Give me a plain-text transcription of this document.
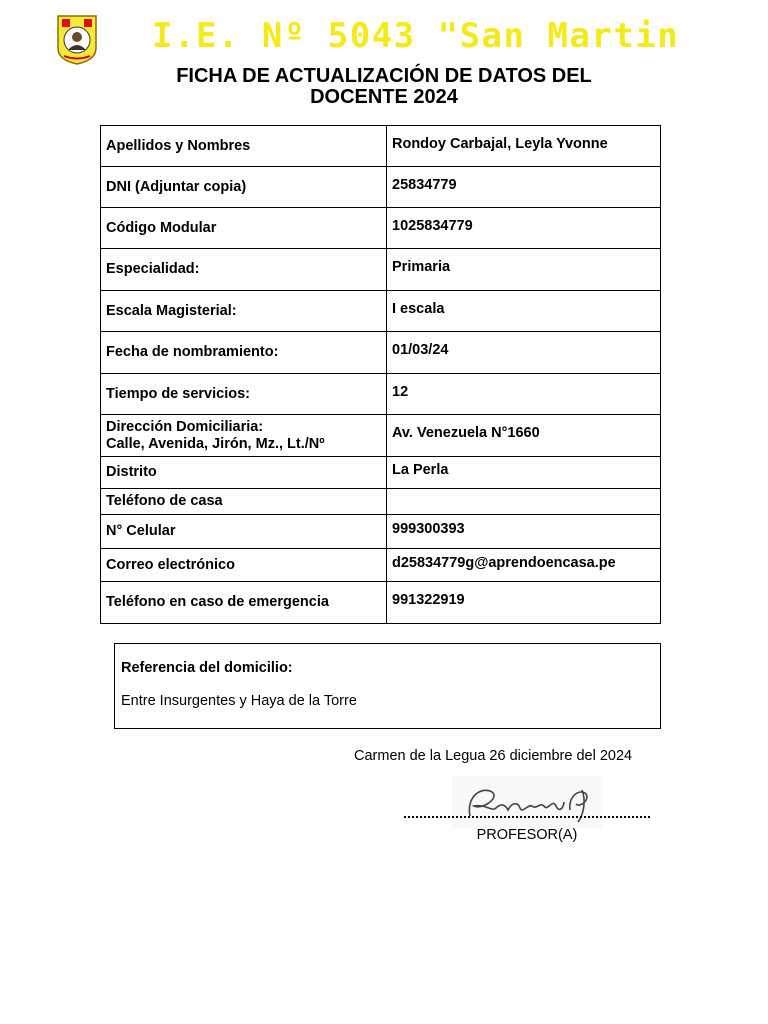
I.E. Nº 5043 "San Martin
FICHA DE ACTUALIZACIÓN DE DATOS DEL
DOCENTE 2024
Apellidos y Nombres	Rondoy Carbajal, Leyla Yvonne
DNI (Adjuntar copia)	25834779
Código Modular	1025834779
Especialidad:	Primaria
Escala Magisterial:	I escala
Fecha de nombramiento:	01/03/24
Tiempo de servicios:	12

Dirección Domiciliaria:
Calle, Avenida, Jirón, Mz., Lt./Nº	Av. Venezuela N°1660
Distrito	La Perla
Teléfono de casa	
N° Celular	999300393
Correo electrónico	d25834779g@aprendoencasa.pe
Teléfono en caso de emergencia	991322919
Referencia del domicilio:
Entre Insurgentes y Haya de la Torre
Carmen de la Legua 26 diciembre del 2024
PROFESOR(A)
